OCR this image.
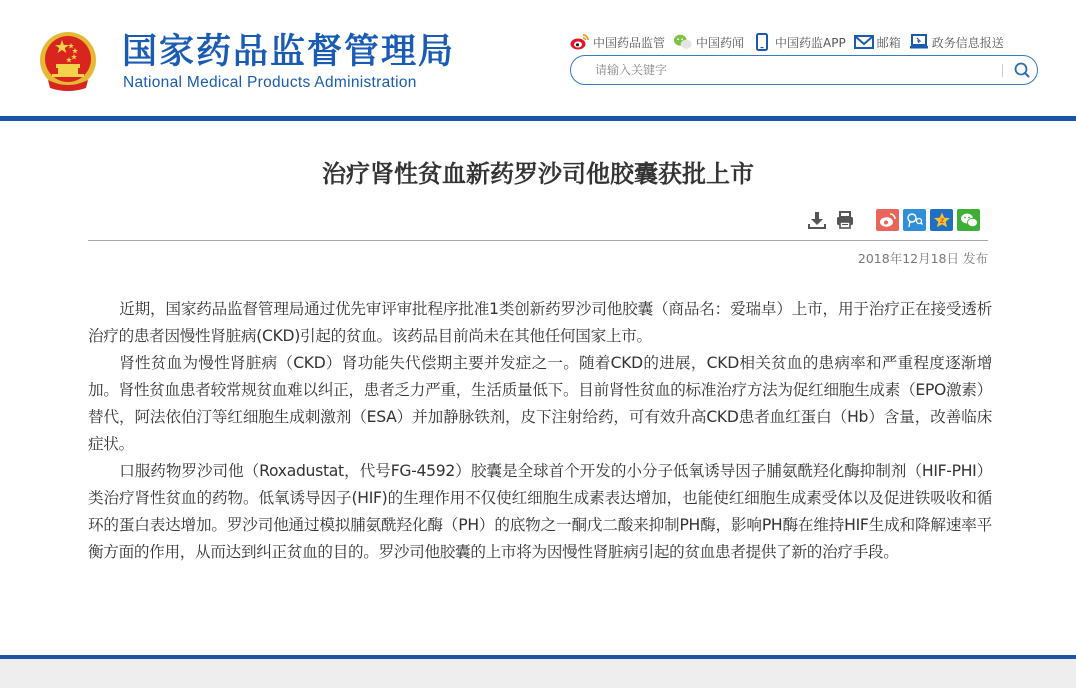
国家药品监督管理局
National Medical Products Administration
中国药品监管	中国药闻	中国药监APP	邮箱	政务信息报送
请输入关键字
治疗肾性贫血新药罗沙司他胶囊获批上市
Z
2018年12月18日 发布

近期，国家药品监督管理局通过优先审评审批程序批准1类创新药罗沙司他胶囊（商品名：爱瑞卓）上市，用于治疗正在接受透析治疗的患者因慢性肾脏病(CKD)引起的贫血。该药品目前尚未在其他任何国家上市。

肾性贫血为慢性肾脏病（CKD）肾功能失代偿期主要并发症之一。随着CKD的进展，CKD相关贫血的患病率和严重程度逐渐增加。肾性贫血患者较常规贫血难以纠正，患者乏力严重，生活质量低下。目前肾性贫血的标准治疗方法为促红细胞生成素（EPO激素）替代，阿法依伯汀等红细胞生成刺激剂（ESA）并加静脉铁剂，皮下注射给药，可有效升高CKD患者血红蛋白（Hb）含量，改善临床症状。

口服药物罗沙司他（Roxadustat，代号FG-4592）胶囊是全球首个开发的小分子低氧诱导因子脯氨酰羟化酶抑制剂（HIF-PHI）类治疗肾性贫血的药物。低氧诱导因子(HIF)的生理作用不仅使红细胞生成素表达增加，也能使红细胞生成素受体以及促进铁吸收和循环的蛋白表达增加。罗沙司他通过模拟脯氨酰羟化酶（PH）的底物之一酮戊二酸来抑制PH酶，影响PH酶在维持HIF生成和降解速率平衡方面的作用，从而达到纠正贫血的目的。罗沙司他胶囊的上市将为因慢性肾脏病引起的贫血患者提供了新的治疗手段。
